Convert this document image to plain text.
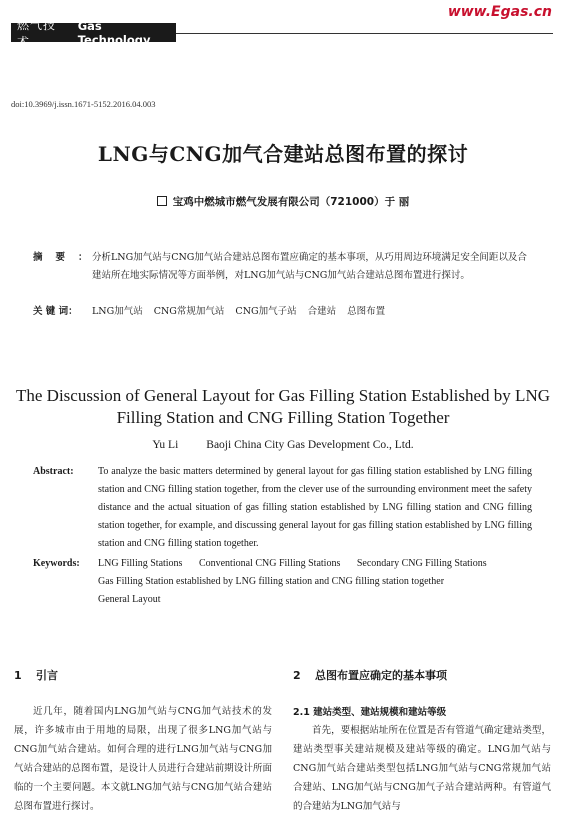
www.Egas.cn
燃气技术
Gas Technology
doi:10.3969/j.issn.1671-5152.2016.04.003
LNG与CNG加气合建站总图布置的探讨
宝鸡中燃城市燃气发展有限公司（721000）于 丽
摘要：
分析LNG加气站与CNG加气站合建站总图布置应确定的基本事项，从巧用周边环境满足安全间距以及合建站所在地实际情况等方面举例，对LNG加气站与CNG加气站合建站总图布置进行探讨。
关 键 词： LNG加气站 CNG常规加气站 CNG加气子站 合建站 总图布置
The Discussion of General Layout for Gas Filling Station Established by LNG Filling Station and CNG Filling Station Together
Yu Li Baoji China City Gas Development Co., Ltd.
Abstract: To analyze the basic matters determined by general layout for gas filling station established by LNG filling station and CNG filling station together, from the clever use of the surrounding environment meet the safety distance and the actual situation of gas filling station established by LNG filling station and CNG filling station together, for example, and discussing general layout for gas filling station established by LNG filling station and CNG filling station together.
Keywords: LNG Filling Stations Conventional CNG Filling Stations Secondary CNG Filling Stations
Gas Filling Station established by LNG filling station and CNG filling station together
General Layout
1 引言
近几年，随着国内LNG加气站与CNG加气站技术的发展，许多城市由于用地的局限，出现了很多LNG加气站与CNG加气站合建站。如何合理的进行LNG加气站与CNG加气站合建站的总图布置，是设计人员进行合建站前期设计所面临的一个主要问题。本文就LNG加气站与CNG加气站合建站总图布置进行探讨。
2 总图布置应确定的基本事项
2.1 建站类型、建站规模和建站等级
首先，要根据站址所在位置是否有管道气确定建站类型，建站类型事关建站规模及建站等级的确定。LNG加气站与CNG加气站合建站类型包括LNG加气站与CNG常规加气站合建站、LNG加气站与CNG加气子站合建站两种。有管道气的合建站为LNG加气站与
